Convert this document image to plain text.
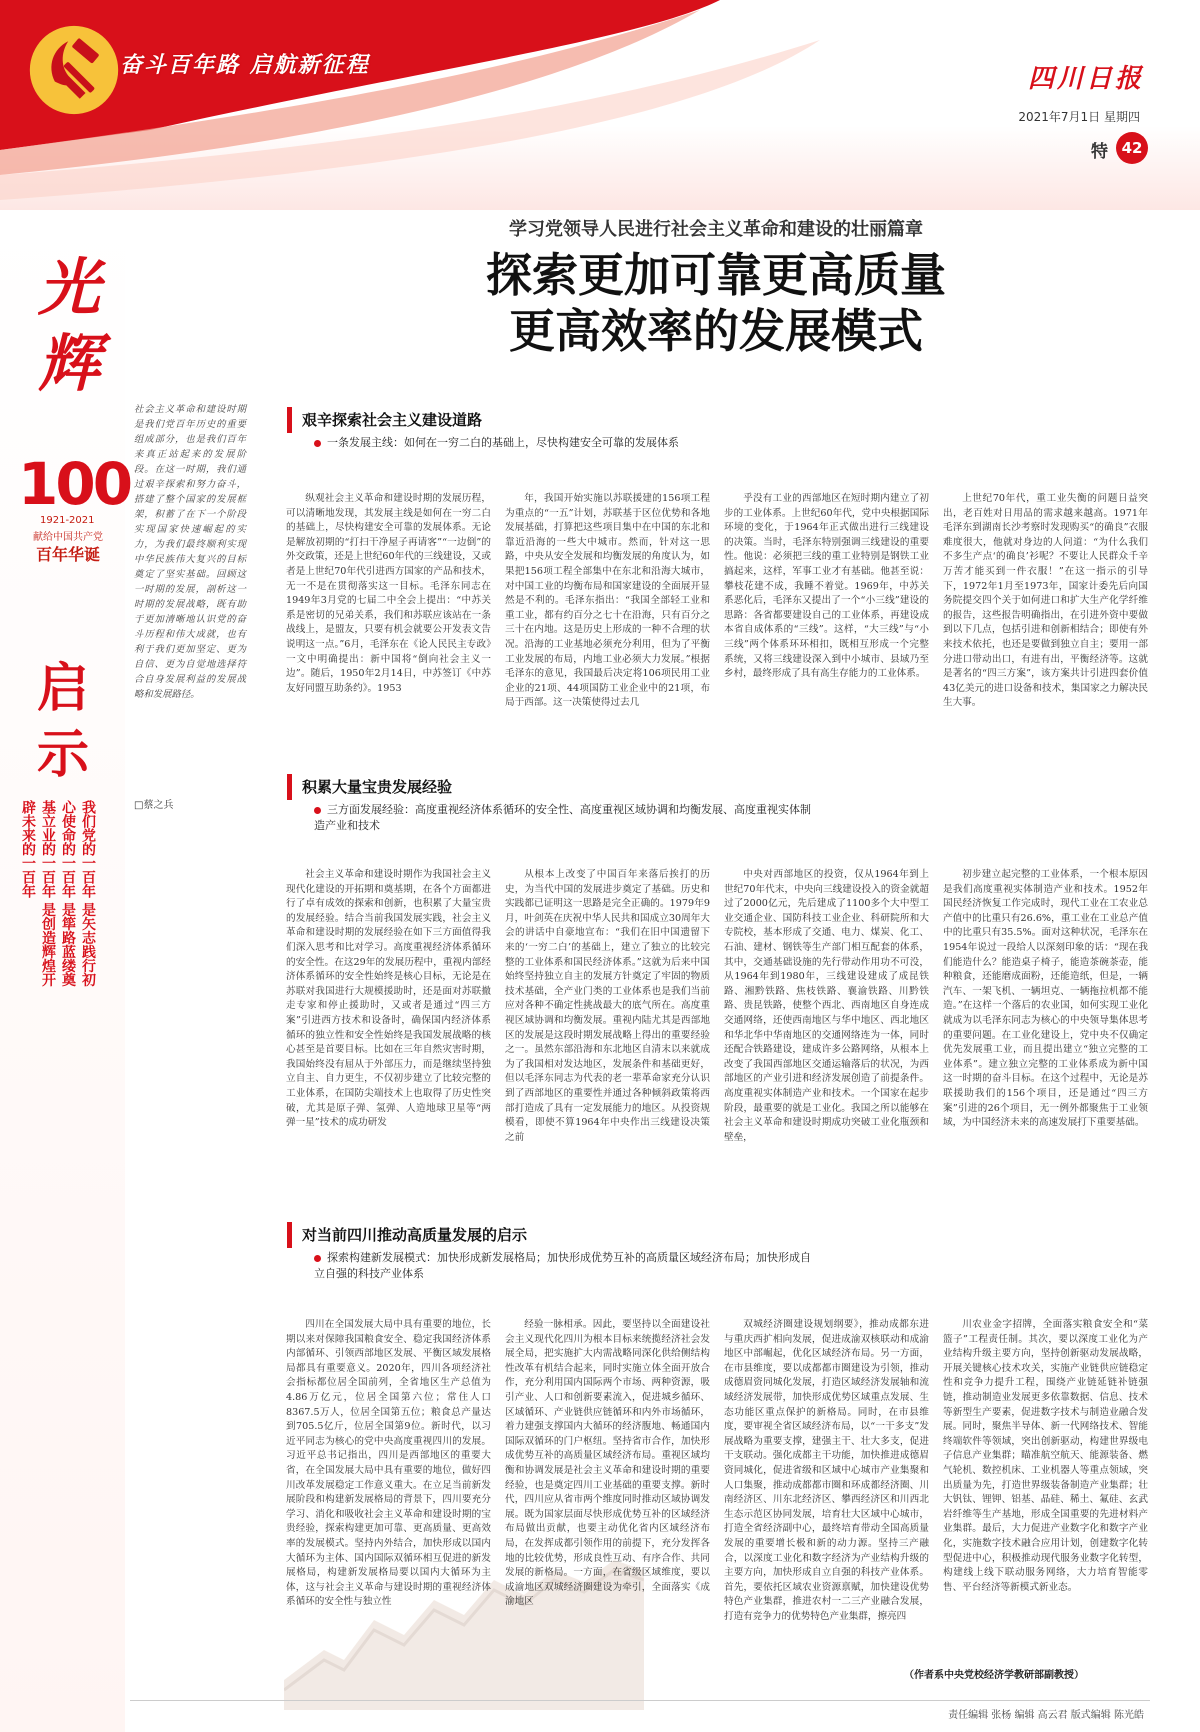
奋斗百年路 启航新征程	四川日报
2021年7月1日 星期四
特 42
光辉
100
1921-2021
献给中国共产党
百年华诞
启示
我们党的一百年 是矢志践行初心使命的一百年 是筚路蓝缕奠基立业的一百年 是创造辉煌开辟未来的一百年
社会主义革命和建设时期是我们党百年历史的重要组成部分，也是我们百年来真正站起来的发展阶段。在这一时期，我们通过艰辛探索和努力奋斗，搭建了整个国家的发展框架，积蓄了在下一个阶段实现国家快速崛起的实力，为我们最终顺利实现中华民族伟大复兴的目标奠定了坚实基础。回顾这一时期的发展，剖析这一时期的发展战略，既有助于更加清晰地认识党的奋斗历程和伟大成就，也有利于我们更加坚定、更为自信、更为自觉地选择符合自身发展利益的发展战略和发展路径。
□蔡之兵
学习党领导人民进行社会主义革命和建设的壮丽篇章
探索更加可靠更高质量
更高效率的发展模式
艰辛探索社会主义建设道路
一条发展主线：如何在一穷二白的基础上，尽快构建安全可靠的发展体系
纵观社会主义革命和建设时期的发展历程，可以清晰地发现，其发展主线是如何在一穷二白的基础上，尽快构建安全可靠的发展体系。无论是解放初期的“打扫干净屋子再请客”“一边倒”的外交政策，还是上世纪60年代的三线建设，又或者是上世纪70年代引进西方国家的产品和技术，无一不是在贯彻落实这一目标。毛泽东同志在1949年3月党的七届二中全会上提出：“中苏关系是密切的兄弟关系，我们和苏联应该站在一条战线上，是盟友，只要有机会就要公开发表文告说明这一点。”6月，毛泽东在《论人民民主专政》一文中明确提出：新中国将“倒向社会主义一边”。随后，1950年2月14日，中苏签订《中苏友好同盟互助条约》。1953
年，我国开始实施以苏联援建的156项工程为重点的“一五”计划，苏联基于区位优势和各地发展基础，打算把这些项目集中在中国的东北和靠近沿海的一些大中城市。然而，针对这一思路，中央从安全发展和均衡发展的角度认为，如果把156项工程全部集中在东北和沿海大城市，对中国工业的均衡布局和国家建设的全面展开显然是不利的。毛泽东指出：“我国全部轻工业和重工业，都有约百分之七十在沿海，只有百分之三十在内地。这是历史上形成的一种不合理的状况。沿海的工业基地必须充分利用，但为了平衡工业发展的布局，内地工业必须大力发展。”根据毛泽东的意见，我国最后决定将106项民用工业企业的21项、44项国防工业企业中的21项，布局于西部。这一决策使得过去几
乎没有工业的西部地区在短时期内建立了初步的工业体系。上世纪60年代，党中央根据国际环境的变化，于1964年正式做出进行三线建设的决策。当时，毛泽东特别强调三线建设的重要性。他说：必须把三线的重工业特别是钢铁工业搞起来，这样，军事工业才有基础。他甚至说：攀枝花建不成，我睡不着觉。1969年，中苏关系恶化后，毛泽东又提出了一个“小三线”建设的思路：各省都要建设自己的工业体系，再建设成本省自成体系的“三线”。这样，“大三线”与“小三线”两个体系环环相扣，既相互形成一个完整系统，又将三线建设深入到中小城市、县域乃至乡村，最终形成了具有高生存能力的工业体系。
上世纪70年代，重工业失衡的问题日益突出，老百姓对日用品的需求越来越高。1971年毛泽东到湖南长沙考察时发现购买“的确良”衣服难度很大，他就对身边的人问道：“为什么我们不多生产点‘的确良’衫呢？不要让人民群众千辛万苦才能买到一件衣服！”在这一指示的引导下，1972年1月至1973年，国家计委先后向国务院提交四个关于如何进口和扩大生产化学纤维的报告，这些报告明确指出，在引进外资中要做到以下几点，包括引进和创新相结合；即使有外来技术依托，也还是要做到独立自主；要用一部分进口带动出口，有进有出，平衡经济等。这就是著名的“四三方案”，该方案共计引进四套价值43亿美元的进口设备和技术，集国家之力解决民生大事。
积累大量宝贵发展经验
三方面发展经验：高度重视经济体系循环的安全性、高度重视区域协调和均衡发展、高度重视实体制
造产业和技术
社会主义革命和建设时期作为我国社会主义现代化建设的开拓期和奠基期，在各个方面都进行了卓有成效的探索和创新，也积累了大量宝贵的发展经验。结合当前我国发展实践，社会主义革命和建设时期的发展经验在如下三方面值得我们深入思考和比对学习。高度重视经济体系循环的安全性。在这29年的发展历程中，重视内部经济体系循环的安全性始终是核心目标，无论是在苏联对我国进行大规模援助时，还是面对苏联撤走专家和停止援助时，又或者是通过“四三方案”引进西方技术和设备时，确保国内经济体系循环的独立性和安全性始终是我国发展战略的核心甚至是首要目标。比如在三年自然灾害时期，我国始终没有屈从于外部压力，而是继续坚持独立自主、自力更生，不仅初步建立了比较完整的工业体系，在国防尖端技术上也取得了历史性突破，尤其是原子弹、氢弹、人造地球卫星等“两弹一星”技术的成功研发
从根本上改变了中国百年来落后挨打的历史，为当代中国的发展进步奠定了基础。历史和实践都已证明这一思路是完全正确的。1979年9月，叶剑英在庆祝中华人民共和国成立30周年大会的讲话中自豪地宣布：“我们在旧中国遗留下来的‘一穷二白’的基础上，建立了独立的比较完整的工业体系和国民经济体系。”这就为后来中国始终坚持独立自主的发展方针奠定了牢固的物质技术基础，全产业门类的工业体系也是我们当前应对各种不确定性挑战最大的底气所在。高度重视区域协调和均衡发展。重视内陆尤其是西部地区的发展是这段时期发展战略上得出的重要经验之一。虽然东部沿海和东北地区自清末以来就成为了我国相对发达地区，发展条件和基础更好，但以毛泽东同志为代表的老一辈革命家充分认识到了西部地区的重要性并通过各种倾斜政策将西部打造成了具有一定发展能力的地区。从投资规模看，即使不算1964年中央作出三线建设决策之前
中央对西部地区的投资，仅从1964年到上世纪70年代末，中央向三线建设投入的资金就超过了2000亿元，先后建成了1100多个大中型工业交通企业、国防科技工业企业、科研院所和大专院校，基本形成了交通、电力、煤炭、化工、石油、建材、钢铁等生产部门相互配套的体系，其中，交通基础设施的先行带动作用功不可没，从1964年到1980年，三线建设建成了成昆铁路、湘黔铁路、焦枝铁路、襄渝铁路、川黔铁路、贵昆铁路，使整个西北、西南地区自身连成交通网络，还使西南地区与华中地区、西北地区和华北华中华南地区的交通网络连为一体，同时还配合铁路建设，建成许多公路网络，从根本上改变了我国西部地区交通运输落后的状况，为西部地区的产业引进和经济发展创造了前提条件。高度重视实体制造产业和技术。一个国家在起步阶段，最重要的就是工业化。我国之所以能够在社会主义革命和建设时期成功突破工业化瓶颈和壁垒，
初步建立起完整的工业体系，一个根本原因是我们高度重视实体制造产业和技术。1952年国民经济恢复工作完成时，现代工业在工农业总产值中的比重只有26.6%，重工业在工业总产值中的比重只有35.5%。面对这种状况，毛泽东在1954年说过一段给人以深刻印象的话：“现在我们能造什么？能造桌子椅子，能造茶碗茶壶，能种粮食，还能磨成面粉，还能造纸，但是，一辆汽车、一架飞机、一辆坦克、一辆拖拉机都不能造。”在这样一个落后的农业国，如何实现工业化就成为以毛泽东同志为核心的中央领导集体思考的重要问题。在工业化建设上，党中央不仅确定优先发展重工业，而且提出建立“独立完整的工业体系”。建立独立完整的工业体系成为新中国这一时期的奋斗目标。在这个过程中，无论是苏联援助我们的156个项目，还是通过“四三方案”引进的26个项目，无一例外都聚焦于工业领域，为中国经济未来的高速发展打下重要基础。
对当前四川推动高质量发展的启示
探索构建新发展模式：加快形成新发展格局；加快形成优势互补的高质量区域经济布局；加快形成自
立自强的科技产业体系
四川在全国发展大局中具有重要的地位，长期以来对保障我国粮食安全、稳定我国经济体系内部循环、引领西部地区发展、平衡区域发展格局都具有重要意义。2020年，四川各项经济社会指标都位居全国前列，全省地区生产总值为4.86万亿元，位居全国第六位；常住人口8367.5万人，位居全国第五位；粮食总产量达到705.5亿斤，位居全国第9位。新时代，以习近平同志为核心的党中央高度重视四川的发展。习近平总书记指出，四川是西部地区的重要大省，在全国发展大局中具有重要的地位，做好四川改革发展稳定工作意义重大。在立足当前新发展阶段和构建新发展格局的背景下，四川要充分学习、消化和吸收社会主义革命和建设时期的宝贵经验，探索构建更加可靠、更高质量、更高效率的发展模式。坚持内外结合，加快形成以国内大循环为主体、国内国际双循环相互促进的新发展格局，构建新发展格局要以国内大循环为主体，这与社会主义革命与建设时期的重视经济体系循环的安全性与独立性
经验一脉相承。因此，要坚持以全面建设社会主义现代化四川为根本目标来统揽经济社会发展全局，把实施扩大内需战略同深化供给侧结构性改革有机结合起来，同时实施立体全面开放合作，充分利用国内国际两个市场、两种资源，吸引产业、人口和创新要素流入，促进城乡循环、区域循环、产业链供应链循环和内外市场循环，着力建强支撑国内大循环的经济腹地、畅通国内国际双循环的门户枢纽。坚持省市合作，加快形成优势互补的高质量区域经济布局。重视区域均衡和协调发展是社会主义革命和建设时期的重要经验，也是奠定四川工业基础的重要支撑。新时代，四川应从省市两个维度同时推动区域协调发展。既为国家层面尽快形成优势互补的区域经济布局做出贡献，也要主动优化省内区域经济布局，在发挥成都引领作用的前提下，充分发挥各地的比较优势，形成良性互动、有序合作、共同发展的新格局。一方面，在省级区域维度，要以成渝地区双城经济圈建设为牵引，全面落实《成渝地区
双城经济圈建设规划纲要》，推动成都东进与重庆西扩相向发展，促进成渝双核联动和成渝地区中部崛起，优化区域经济布局。另一方面，在市县维度，要以成都都市圈建设为引领，推动成德眉资同城化发展，打造区域经济发展轴和流域经济发展带，加快形成优势区域重点发展、生态功能区重点保护的新格局。同时，在市县维度，要审视全省区域经济布局，以“一干多支”发展战略为重要支撑，建强主干、壮大多支，促进干支联动。强化成都主干功能，加快推进成德眉资同城化，促进省级和区域中心城市产业集聚和人口集聚，推动成都都市圈和环成都经济圈、川南经济区、川东北经济区、攀西经济区和川西北生态示范区协同发展，培育壮大区域中心城市，打造全省经济副中心，最终培育带动全国高质量发展的重要增长极和新的动力源。坚持三产融合，以深度工业化和数字经济为产业结构升级的主要方向，加快形成自立自强的科技产业体系。首先，要依托区域农业资源禀赋，加快建设优势特色产业集群，推进农村一二三产业融合发展，打造有竞争力的优势特色产业集群，擦亮四
川农业金字招牌，全面落实粮食安全和“菜篮子”工程责任制。其次，要以深度工业化为产业结构升级主要方向，坚持创新驱动发展战略，开展关键核心技术攻关，实施产业链供应链稳定性和竞争力提升工程，围绕产业链延链补链强链，推动制造业发展更多依靠数据、信息、技术等新型生产要素，促进数字技术与制造业融合发展。同时，聚焦半导体、新一代网络技术、智能终端软件等领域，突出创新驱动，构建世界级电子信息产业集群；瞄准航空航天、能源装备、燃气轮机、数控机床、工业机器人等重点领域，突出质量为先，打造世界级装备制造产业集群；壮大钒钛、锂钾、铝基、晶硅、稀土、氟硅、玄武岩纤维等生产基地，形成全国重要的先进材料产业集群。最后，大力促进产业数字化和数字产业化，实施数字技术融合应用计划，创建数字化转型促进中心，积极推动现代服务业数字化转型，构建线上线下联动服务网络，大力培育智能零售、平台经济等新模式新业态。
（作者系中央党校经济学教研部副教授）
责任编辑 张杨 编辑 高云君 版式编辑 陈光皓
